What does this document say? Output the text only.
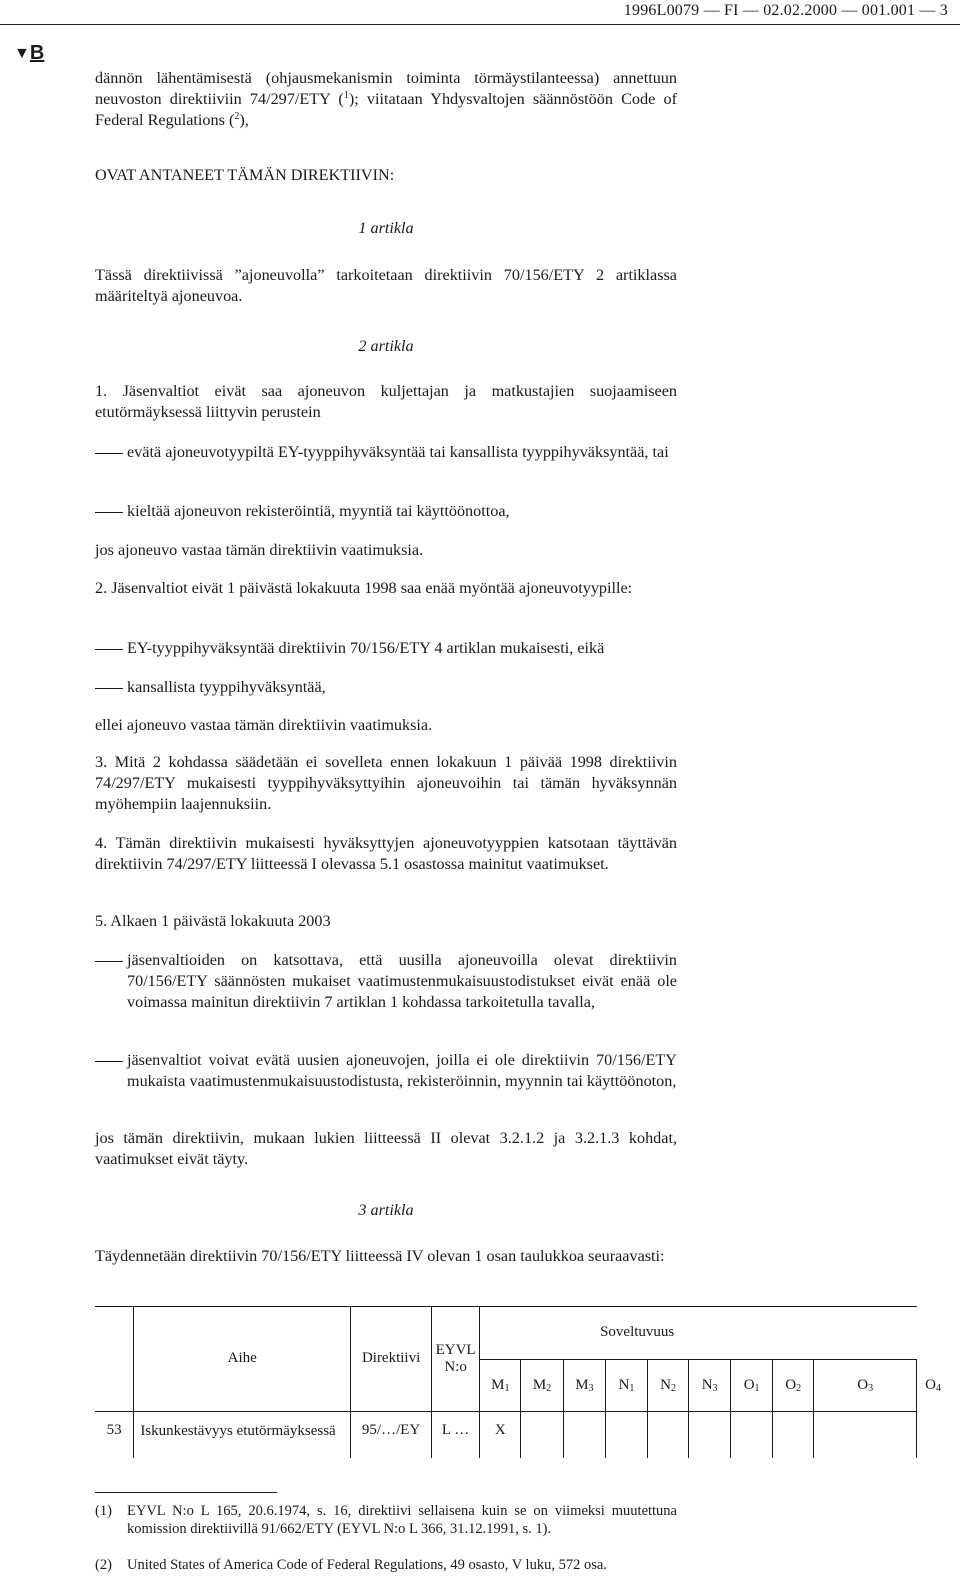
1996L0079 — FI — 02.02.2000 — 001.001 — 3
▼B
dännön lähentämisestä (ohjausmekanismin toiminta törmäystilanteessa) annettuun neuvoston direktiiviin 74/297/ETY ($^1$); viitataan Yhdysvaltojen säännöstöön Code of Federal Regulations ($^2$),
OVAT ANTANEET TÄMÄN DIREKTIIVIN:
1 artikla
Tässä direktiivissä ”ajoneuvolla” tarkoitetaan direktiivin 70/156/ETY 2 artiklassa määriteltyä ajoneuvoa.
2 artikla
1. Jäsenvaltiot eivät saa ajoneuvon kuljettajan ja matkustajien suojaamiseen etutörmäyksessä liittyvin perustein
evätä ajoneuvotyypiltä EY-tyyppihyväksyntää tai kansallista tyyppihyväksyntää, tai
kieltää ajoneuvon rekisteröintiä, myyntiä tai käyttöönottoa,
jos ajoneuvo vastaa tämän direktiivin vaatimuksia.
2. Jäsenvaltiot eivät 1 päivästä lokakuuta 1998 saa enää myöntää ajoneuvotyypille:
EY-tyyppihyväksyntää direktiivin 70/156/ETY 4 artiklan mukaisesti, eikä
kansallista tyyppihyväksyntää,
ellei ajoneuvo vastaa tämän direktiivin vaatimuksia.
3. Mitä 2 kohdassa säädetään ei sovelleta ennen lokakuun 1 päivää 1998 direktiivin 74/297/ETY mukaisesti tyyppihyväksyttyihin ajoneuvoihin tai tämän hyväksynnän myöhempiin laajennuksiin.
4. Tämän direktiivin mukaisesti hyväksyttyjen ajoneuvotyyppien katsotaan täyttävän direktiivin 74/297/ETY liitteessä I olevassa 5.1 osastossa mainitut vaatimukset.
5. Alkaen 1 päivästä lokakuuta 2003
jäsenvaltioiden on katsottava, että uusilla ajoneuvoilla olevat direktiivin 70/156/ETY säännösten mukaiset vaatimustenmukaisuustodistukset eivät enää ole voimassa mainitun direktiivin 7 artiklan 1 kohdassa tarkoitetulla tavalla,
jäsenvaltiot voivat evätä uusien ajoneuvojen, joilla ei ole direktiivin 70/156/ETY mukaista vaatimustenmukaisuustodistusta, rekisteröinnin, myynnin tai käyttöönoton,
jos tämän direktiivin, mukaan lukien liitteessä II olevat 3.2.1.2 ja 3.2.1.3 kohdat, vaatimukset eivät täyty.
3 artikla
Täydennetään direktiivin 70/156/ETY liitteessä IV olevan 1 osan taulukkoa seuraavasti:

	Aihe	Direktiivi	EYVL N:o	Soveltuvuus									
				$M_1$	$M_2$	$M_3$	$N_1$	$N_2$	$N_3$	$O_1$	$O_2$	$O_3$	$O_4$

53	Iskunkestävyys etutörmäyksessä	95/…/EY	L …	X									
(1) EYVL N:o L 165, 20.6.1974, s. 16, direktiivi sellaisena kuin se on viimeksi muutettuna komission direktiivillä 91/662/ETY (EYVL N:o L 366, 31.12.1991, s. 1).
(2) United States of America Code of Federal Regulations, 49 osasto, V luku, 572 osa.
